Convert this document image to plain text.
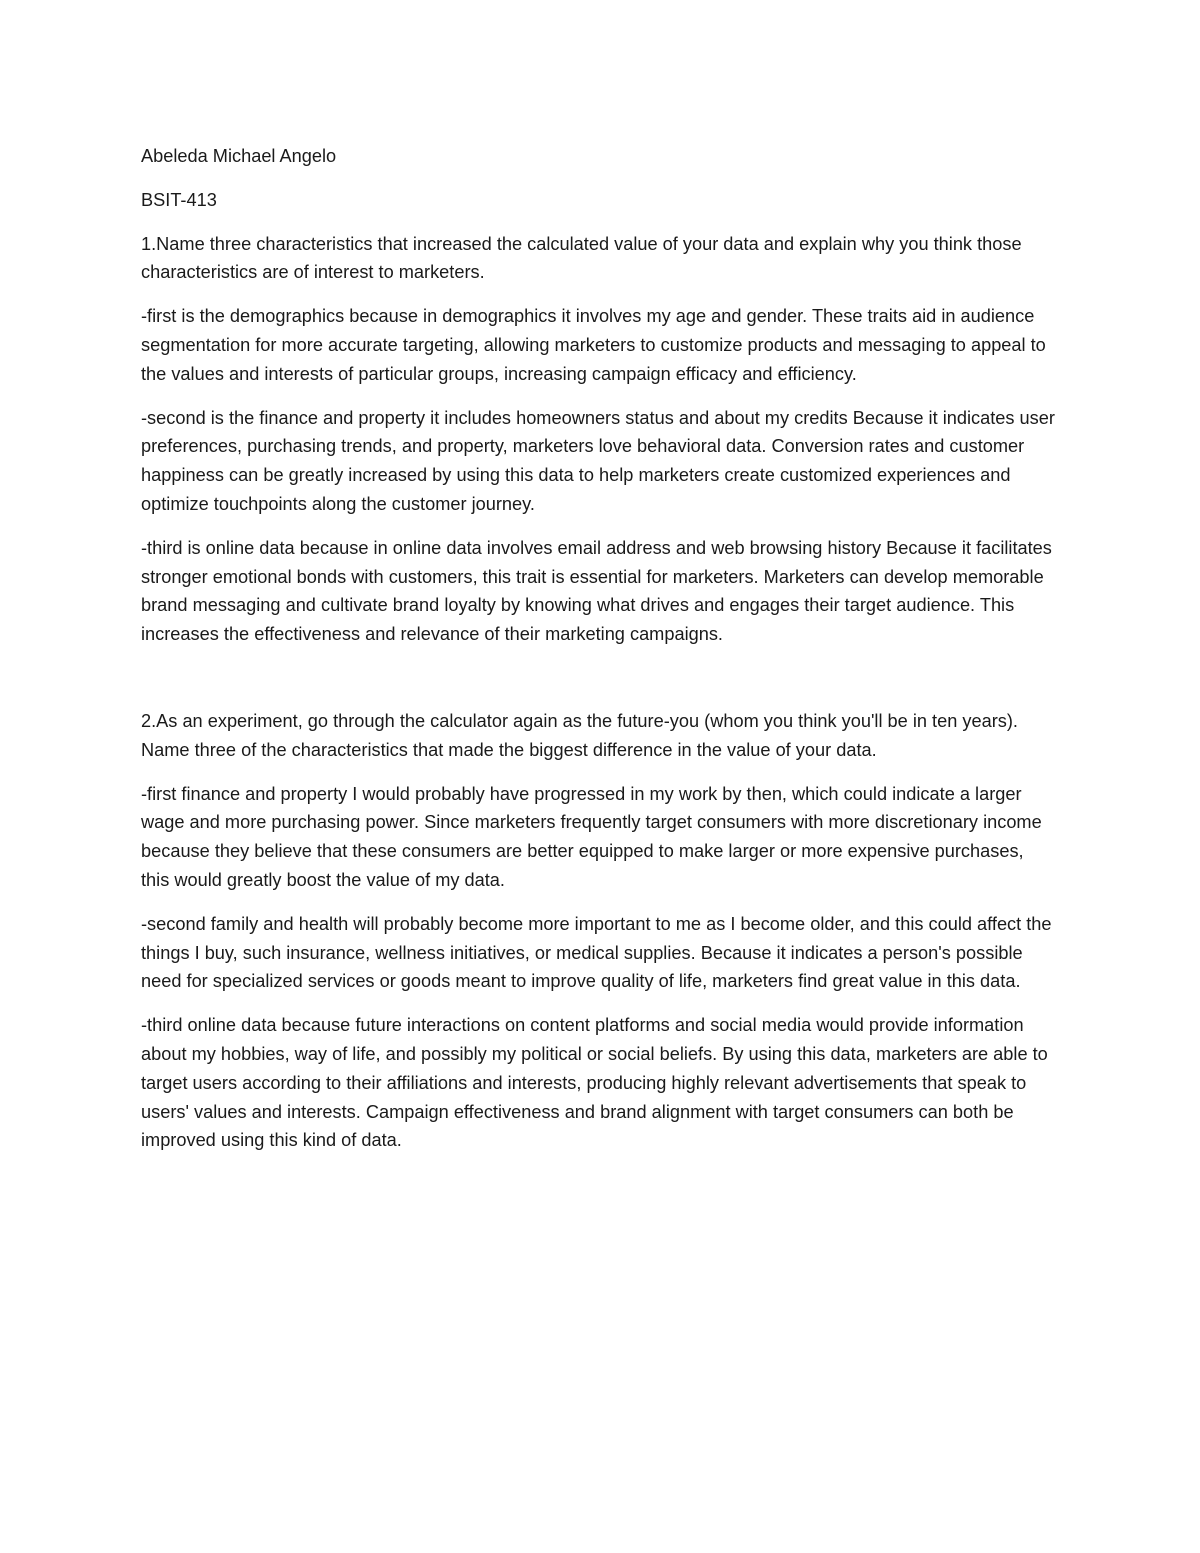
Abeleda Michael Angelo

BSIT-413

1.Name three characteristics that increased the calculated value of your data and explain why you think those characteristics are of interest to marketers.

-first is the demographics because in demographics it involves my age and gender. These traits aid in audience segmentation for more accurate targeting, allowing marketers to customize products and messaging to appeal to the values and interests of particular groups, increasing campaign efficacy and efficiency.

-second is the finance and property it includes homeowners status and about my credits Because it indicates user preferences, purchasing trends, and property, marketers love behavioral data. Conversion rates and customer happiness can be greatly increased by using this data to help marketers create customized experiences and optimize touchpoints along the customer journey.

-third is online data because in online data involves email address and web browsing history Because it facilitates stronger emotional bonds with customers, this trait is essential for marketers. Marketers can develop memorable brand messaging and cultivate brand loyalty by knowing what drives and engages their target audience. This increases the effectiveness and relevance of their marketing campaigns.

2.As an experiment, go through the calculator again as the future-you (whom you think you'll be in ten years). Name three of the characteristics that made the biggest difference in the value of your data.

-first finance and property I would probably have progressed in my work by then, which could indicate a larger wage and more purchasing power. Since marketers frequently target consumers with more discretionary income because they believe that these consumers are better equipped to make larger or more expensive purchases, this would greatly boost the value of my data.

-second family and health will probably become more important to me as I become older, and this could affect the things I buy, such insurance, wellness initiatives, or medical supplies. Because it indicates a person's possible need for specialized services or goods meant to improve quality of life, marketers find great value in this data.

-third online data because future interactions on content platforms and social media would provide information about my hobbies, way of life, and possibly my political or social beliefs. By using this data, marketers are able to target users according to their affiliations and interests, producing highly relevant advertisements that speak to users' values and interests. Campaign effectiveness and brand alignment with target consumers can both be improved using this kind of data.
